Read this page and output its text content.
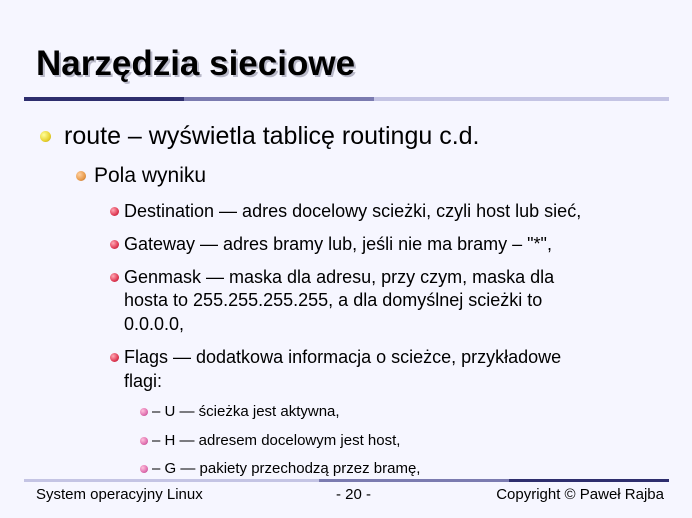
Narzędzia sieciowe
route – wyświetla tablicę routingu c.d.
Pola wyniku
Destination — adres docelowy scieżki, czyli host lub sieć,
Gateway — adres bramy lub, jeśli nie ma bramy – "*",
Genmask — maska dla adresu, przy czym, maska dla
hosta to 255.255.255.255, a dla domyślnej scieżki to
0.0.0.0,
Flags — dodatkowa informacja o scieżce, przykładowe
flagi:
– U — ścieżka jest aktywna,
– H — adresem docelowym jest host,
– G — pakiety przechodzą przez bramę,
System operacyjny Linux	- 20 -	Copyright © Paweł Rajba
